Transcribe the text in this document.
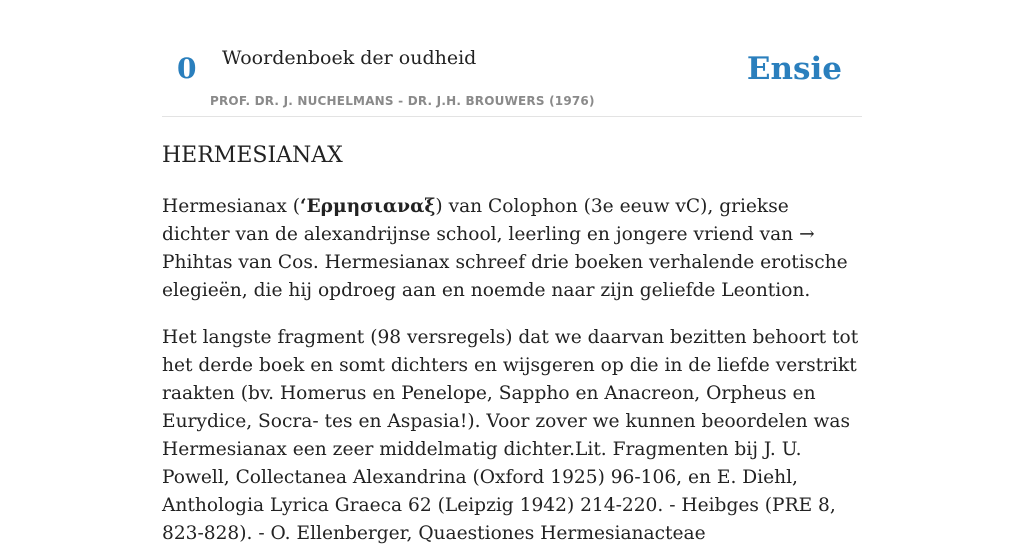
0 Woordenboek der oudheid
PROF. DR. J. NUCHELMANS - DR. J.H. BROUWERS (1976)
Ensie
HERMESIANAX

Hermesianax (‘Ερμησιαναξ) van Colophon (3e eeuw vC), griekse dichter van de alexandrijnse school, leerling en jongere vriend van → Phihtas van Cos. Hermesianax schreef drie boeken verhalende erotische elegieën, die hij opdroeg aan en noemde naar zijn geliefde Leontion.

Het langste fragment (98 versregels) dat we daarvan bezitten behoort tot het derde boek en somt dichters en wijsgeren op die in de liefde verstrikt raakten (bv. Homerus en Penelope, Sappho en Anacreon, Orpheus en Eurydice, Socra- tes en Aspasia!). Voor zover we kunnen beoordelen was Hermesianax een zeer middelmatig dichter.Lit. Fragmenten bij J. U. Powell, Collectanea Alexandrina (Oxford 1925) 96-106, en E. Diehl, Anthologia Lyrica Graeca 62 (Leipzig 1942) 214-220. - Heibges (PRE 8, 823-828). - O. Ellenberger, Quaestiones Hermesianacteae
